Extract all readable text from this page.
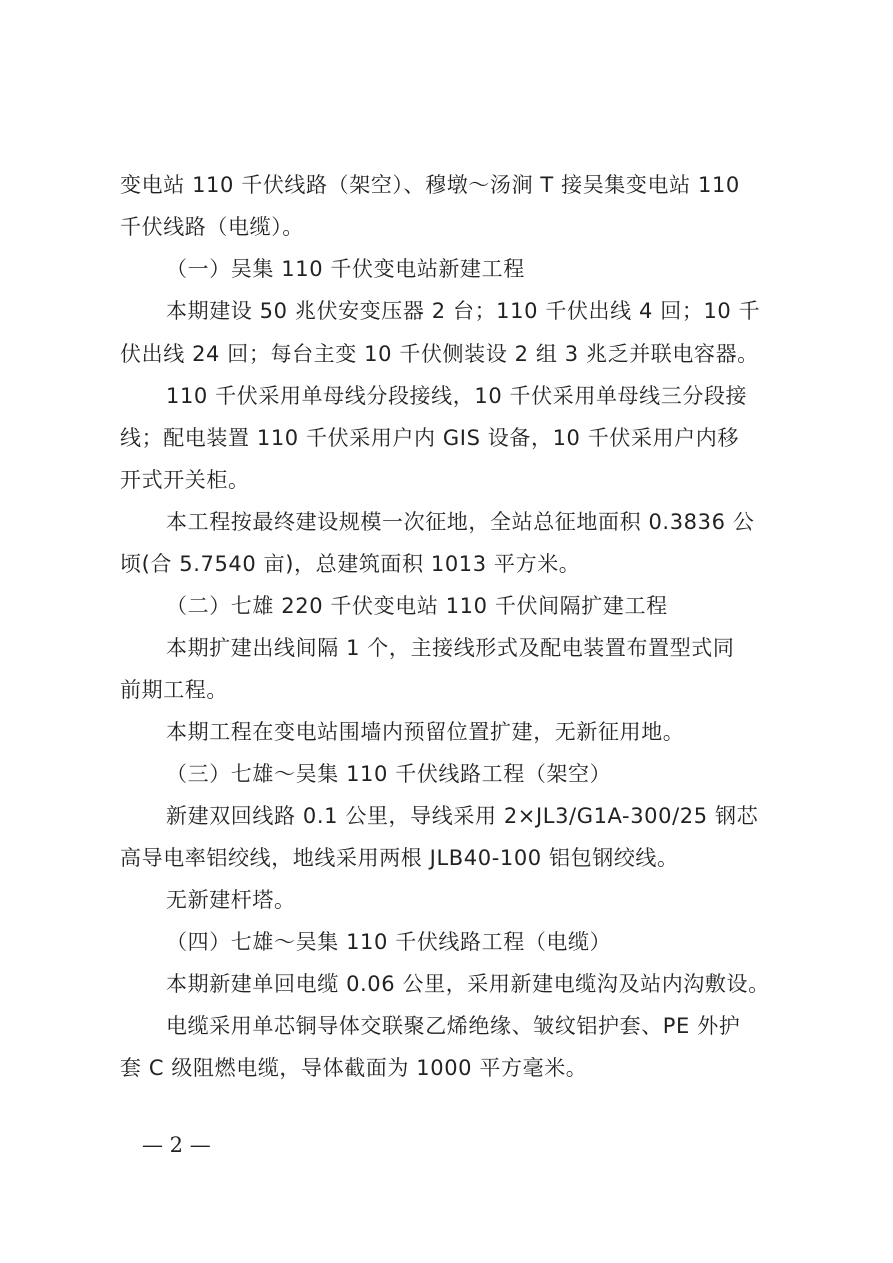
变电站 110 千伏线路（架空）、穆墩～汤涧 T 接吴集变电站 110
千伏线路（电缆）。
（一）吴集 110 千伏变电站新建工程
本期建设 50 兆伏安变压器 2 台；110 千伏出线 4 回；10 千
伏出线 24 回；每台主变 10 千伏侧装设 2 组 3 兆乏并联电容器。
110 千伏采用单母线分段接线，10 千伏采用单母线三分段接
线；配电装置 110 千伏采用户内 GIS 设备，10 千伏采用户内移
开式开关柜。
本工程按最终建设规模一次征地，全站总征地面积 0.3836 公
顷(合 5.7540 亩)，总建筑面积 1013 平方米。
（二）七雄 220 千伏变电站 110 千伏间隔扩建工程
本期扩建出线间隔 1 个，主接线形式及配电装置布置型式同
前期工程。
本期工程在变电站围墙内预留位置扩建，无新征用地。
（三）七雄～吴集 110 千伏线路工程（架空）
新建双回线路 0.1 公里，导线采用 2×JL3/G1A-300/25 钢芯
高导电率铝绞线，地线采用两根 JLB40-100 铝包钢绞线。
无新建杆塔。
（四）七雄～吴集 110 千伏线路工程（电缆）
本期新建单回电缆 0.06 公里，采用新建电缆沟及站内沟敷设。
电缆采用单芯铜导体交联聚乙烯绝缘、皱纹铝护套、PE 外护
套 C 级阻燃电缆，导体截面为 1000 平方毫米。
— 2 —
